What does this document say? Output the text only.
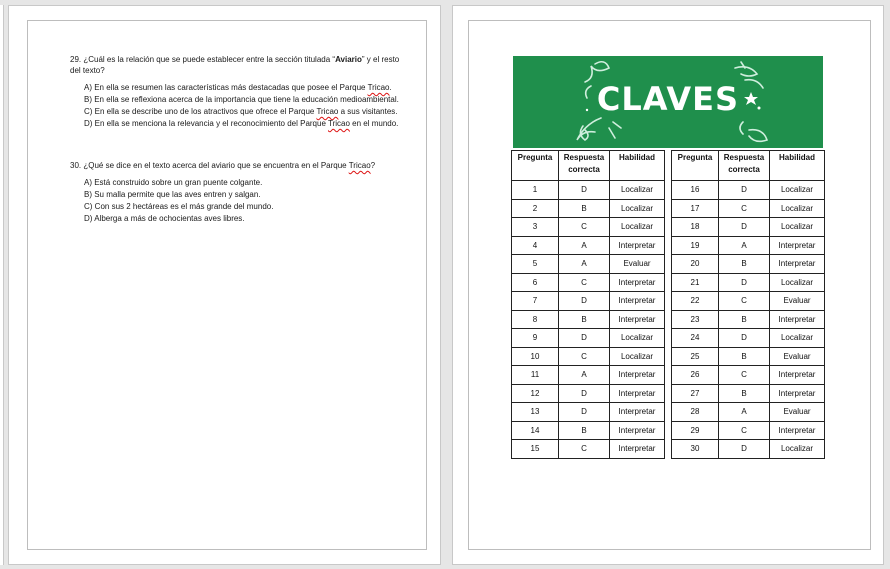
29. ¿Cuál es la relación que se puede establecer entre la sección titulada “Aviario” y el resto del texto?
A) En ella se resumen las características más destacadas que posee el Parque Tricao.
B) En ella se reflexiona acerca de la importancia que tiene la educación medioambiental.
C) En ella se describe uno de los atractivos que ofrece el Parque Tricao a sus visitantes.
D) En ella se menciona la relevancia y el reconocimiento del Parque Tricao en el mundo.
30. ¿Qué se dice en el texto acerca del aviario que se encuentra en el Parque Tricao?
A) Está construido sobre un gran puente colgante.
B) Su malla permite que las aves entren y salgan.
C) Con sus 2 hectáreas es el más grande del mundo.
D) Alberga a más de ochocientas aves libres.
CLAVES
Pregunta	Respuesta correcta	Habilidad
1	D	Localizar
2	B	Localizar
3	C	Localizar
4	A	Interpretar
5	A	Evaluar
6	C	Interpretar
7	D	Interpretar
8	B	Interpretar
9	D	Localizar
10	C	Localizar
11	A	Interpretar
12	D	Interpretar
13	D	Interpretar
14	B	Interpretar
15	C	Interpretar
Pregunta	Respuesta correcta	Habilidad
16	D	Localizar
17	C	Localizar
18	D	Localizar
19	A	Interpretar
20	B	Interpretar
21	D	Localizar
22	C	Evaluar
23	B	Interpretar
24	D	Localizar
25	B	Evaluar
26	C	Interpretar
27	B	Interpretar
28	A	Evaluar
29	C	Interpretar
30	D	Localizar
